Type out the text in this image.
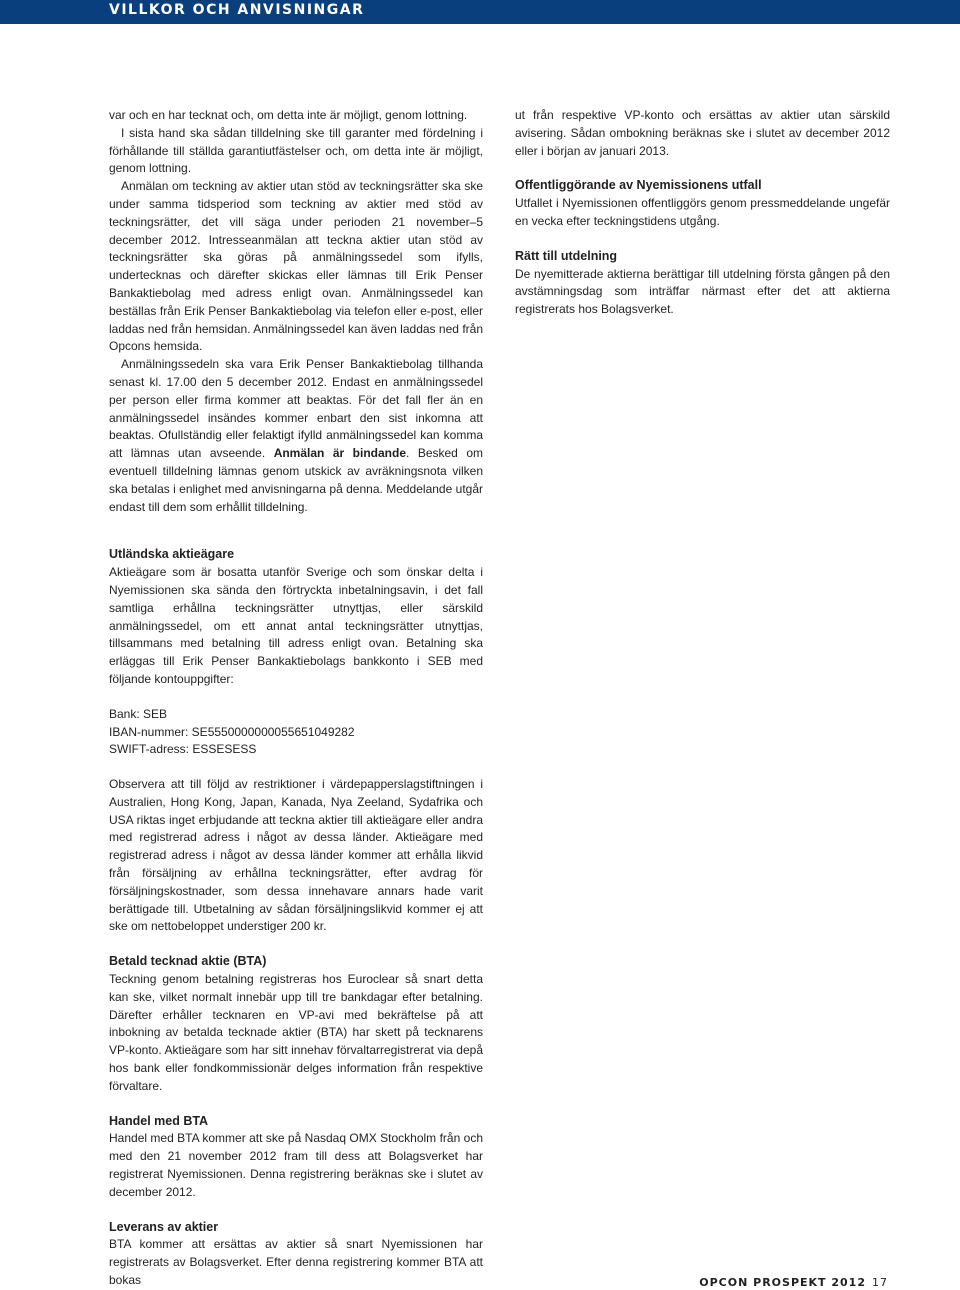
VILLKOR OCH ANVISNINGAR

var och en har tecknat och, om detta inte är möjligt, genom lottning.

I sista hand ska sådan tilldelning ske till garanter med fördelning i förhållande till ställda garantiutfästelser och, om detta inte är möjligt, genom lottning.

Anmälan om teckning av aktier utan stöd av teckningsrätter ska ske under samma tidsperiod som teckning av aktier med stöd av teckningsrätter, det vill säga under perioden 21 november–5 december 2012. Intresseanmälan att teckna aktier utan stöd av teckningsrätter ska göras på anmälningssedel som ifylls, undertecknas och därefter skickas eller lämnas till Erik Penser Bankaktiebolag med adress enligt ovan. Anmälningssedel kan beställas från Erik Penser Bankaktiebolag via telefon eller e-post, eller laddas ned från hemsidan. Anmälningssedel kan även laddas ned från Opcons hemsida.

Anmälningssedeln ska vara Erik Penser Bankaktiebolag tillhanda senast kl. 17.00 den 5 december 2012. Endast en anmälningssedel per person eller firma kommer att beaktas. För det fall fler än en anmälningssedel insändes kommer enbart den sist inkomna att beaktas. Ofullständig eller felaktigt ifylld anmälningssedel kan komma att lämnas utan avseende. Anmälan är bindande. Besked om eventuell tilldelning lämnas genom utskick av avräkningsnota vilken ska betalas i enlighet med anvisningarna på denna. Meddelande utgår endast till dem som erhållit tilldelning.

Utländska aktieägare

Aktieägare som är bosatta utanför Sverige och som önskar delta i Nyemissionen ska sända den förtryckta inbetalningsavin, i det fall samtliga erhållna teckningsrätter utnyttjas, eller särskild anmälningssedel, om ett annat antal teckningsrätter utnyttjas, tillsammans med betalning till adress enligt ovan. Betalning ska erläggas till Erik Penser Bankaktiebolags bankkonto i SEB med följande kontouppgifter:

Bank: SEB

IBAN-nummer: SE5550000000055651049282

SWIFT-adress: ESSESESS

Observera att till följd av restriktioner i värdepapperslagstiftningen i Australien, Hong Kong, Japan, Kanada, Nya Zeeland, Sydafrika och USA riktas inget erbjudande att teckna aktier till aktieägare eller andra med registrerad adress i något av dessa länder. Aktieägare med registrerad adress i något av dessa länder kommer att erhålla likvid från försäljning av erhållna teckningsrätter, efter avdrag för försäljningskostnader, som dessa innehavare annars hade varit berättigade till. Utbetalning av sådan försäljningslikvid kommer ej att ske om nettobeloppet understiger 200 kr.

Betald tecknad aktie (BTA)

Teckning genom betalning registreras hos Euroclear så snart detta kan ske, vilket normalt innebär upp till tre bankdagar efter betalning. Därefter erhåller tecknaren en VP-avi med bekräftelse på att inbokning av betalda tecknade aktier (BTA) har skett på tecknarens VP-konto. Aktieägare som har sitt innehav förvaltarregistrerat via depå hos bank eller fondkommissionär delges information från respektive förvaltare.

Handel med BTA

Handel med BTA kommer att ske på Nasdaq OMX Stockholm från och med den 21 november 2012 fram till dess att Bolagsverket har registrerat Nyemissionen. Denna registrering beräknas ske i slutet av december 2012.

Leverans av aktier

BTA kommer att ersättas av aktier så snart Nyemissionen har registrerats av Bolagsverket. Efter denna registrering kommer BTA att bokas

ut från respektive VP-konto och ersättas av aktier utan särskild avisering. Sådan ombokning beräknas ske i slutet av december 2012 eller i början av januari 2013.

Offentliggörande av Nyemissionens utfall

Utfallet i Nyemissionen offentliggörs genom pressmeddelande ungefär en vecka efter teckningstidens utgång.

Rätt till utdelning

De nyemitterade aktierna berättigar till utdelning första gången på den avstämningsdag som inträffar närmast efter det att aktierna registrerats hos Bolagsverket.

OPCON PROSPEKT 2012 17
